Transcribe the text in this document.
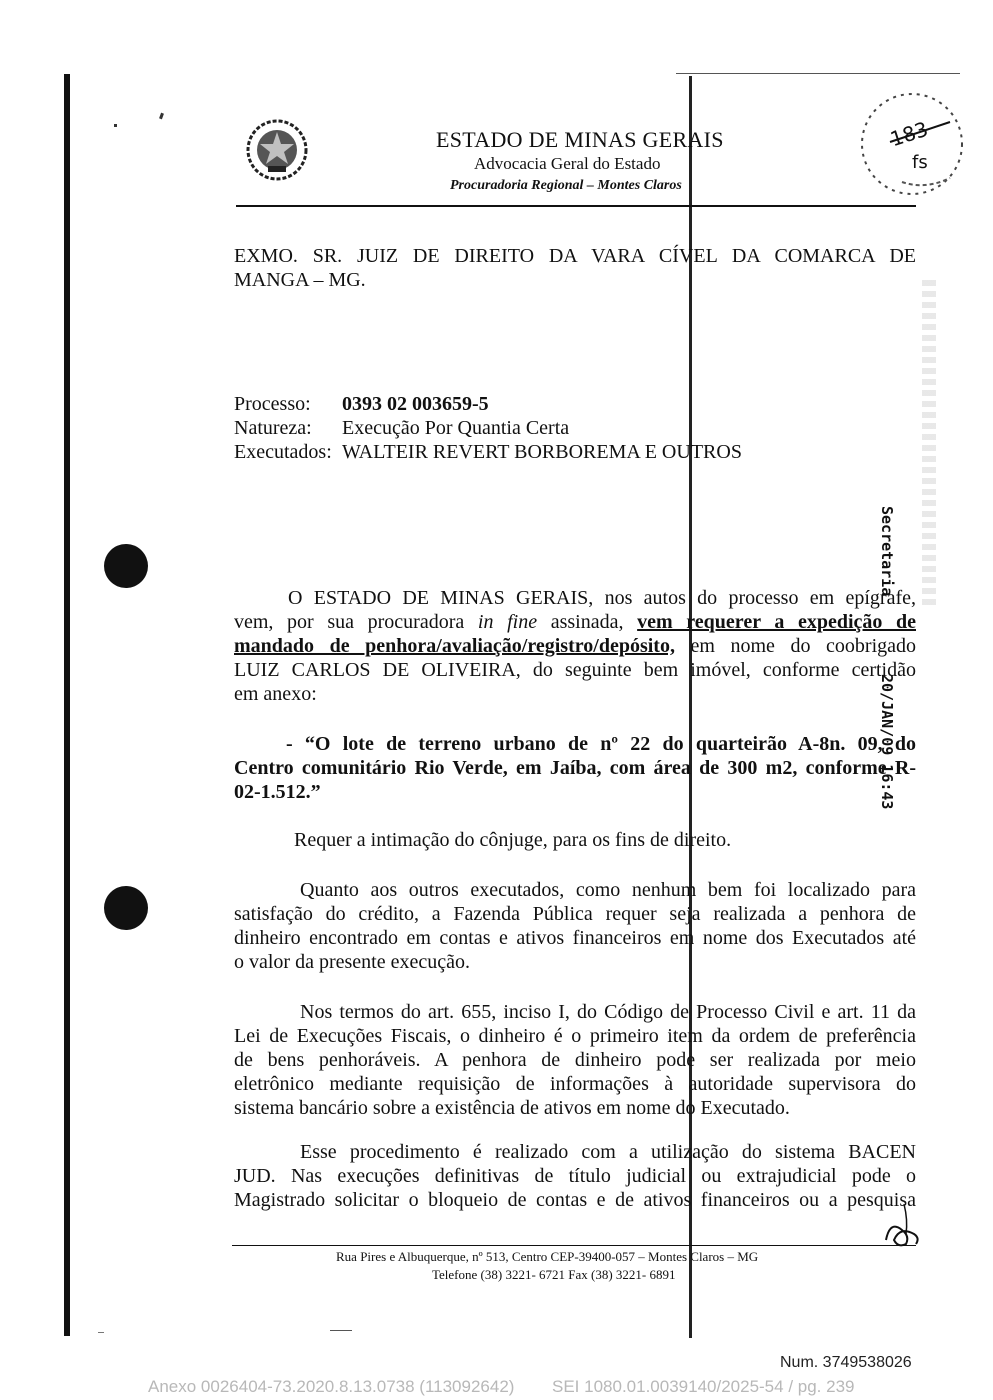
ESTADO DE MINAS GERAIS
Advocacia Geral do Estado
Procuradoria Regional – Montes Claros
183
fs
EXMO. SR. JUIZ DE DIREITO DA VARA CÍVEL DA COMARCA DE
MANGA – MG.
Processo: 0393 02 003659-5
Natureza: Execução Por Quantia Certa
Executados: WALTEIR REVERT BORBOREMA E OUTROS
Secretaria
20/JAN/09 16:43
O ESTADO DE MINAS GERAIS, nos autos do processo em epígrafe,
vem, por sua procuradora in fine assinada, vem requerer a expedição de
mandado de penhora/avaliação/registro/depósito, em nome do coobrigado
LUIZ CARLOS DE OLIVEIRA, do seguinte bem imóvel, conforme certidão
em anexo:
- “O lote de terreno urbano de nº 22 do quarteirão A-8n. 09, do
Centro comunitário Rio Verde, em Jaíba, com área de 300 m2, conforme R-
02-1.512.”
Requer a intimação do cônjuge, para os fins de direito.
Quanto aos outros executados, como nenhum bem foi localizado para
satisfação do crédito, a Fazenda Pública requer seja realizada a penhora de
dinheiro encontrado em contas e ativos financeiros em nome dos Executados até
o valor da presente execução.
Nos termos do art. 655, inciso I, do Código de Processo Civil e art. 11 da
Lei de Execuções Fiscais, o dinheiro é o primeiro item da ordem de preferência
de bens penhoráveis. A penhora de dinheiro pode ser realizada por meio
eletrônico mediante requisição de informações à autoridade supervisora do
sistema bancário sobre a existência de ativos em nome do Executado.
Esse procedimento é realizado com a utilização do sistema BACEN
JUD. Nas execuções definitivas de título judicial ou extrajudicial pode o
Magistrado solicitar o bloqueio de contas e de ativos financeiros ou a pesquisa
Rua Pires e Albuquerque, nº 513, Centro CEP-39400-057 – Montes Claros – MG
Telefone (38) 3221- 6721 Fax (38) 3221- 6891
Num. 3749538026
Anexo 0026404-73.2020.8.13.0738 (113092642) SEI 1080.01.0039140/2025-54 / pg. 239
